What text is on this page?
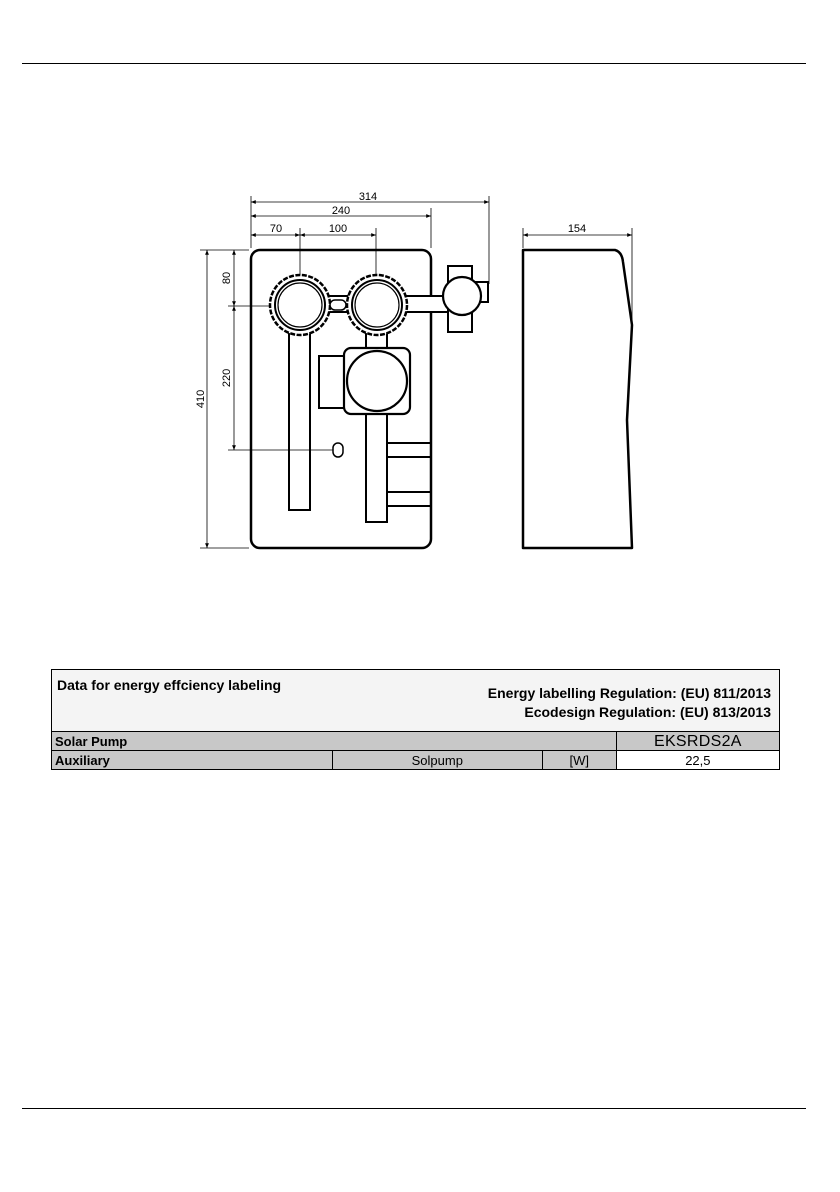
314
240
70	100
80
220
410
154
Data for energy effciency labeling Energy labelling Regulation: (EU) 811/2013
Ecodesign Regulation: (EU) 813/2013			

Solar Pump			EKSRDS2A
Auxiliary	Solpump	[W]	22,5
